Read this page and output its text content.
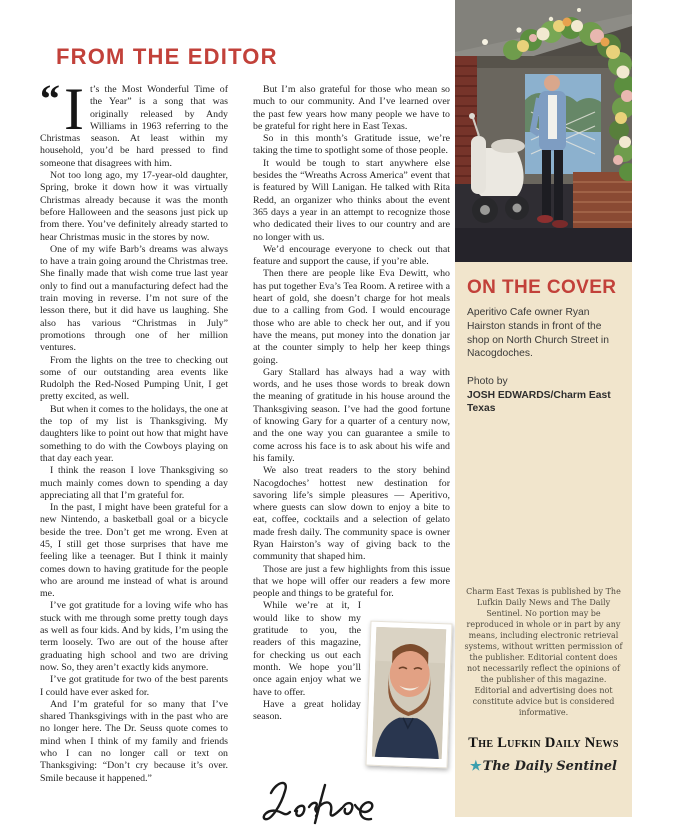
FROM THE EDITOR

“ I t’s the Most Wonderful Time of the Year” is a song that was originally released by Andy Williams in 1963 referring to the Christmas season. At least within my household, you’d be hard pressed to find someone that disagrees with him.

Not too long ago, my 17-year-old daughter, Spring, broke it down how it was virtually Christmas already because it was the month before Halloween and the seasons just pick up from there. You’ve definitely already started to hear Christmas music in the stores by now.

One of my wife Barb’s dreams was always to have a train going around the Christmas tree. She finally made that wish come true last year only to find out a manufacturing defect had the train moving in reverse. I’m not sure of the lesson there, but it did have us laughing. She also has various “Christmas in July” promotions through one of her million ventures.

From the lights on the tree to checking out some of our outstanding area events like Rudolph the Red-Nosed Pumping Unit, I get pretty excited, as well.

But when it comes to the holidays, the one at the top of my list is Thanksgiving. My daughters like to point out how that might have something to do with the Cowboys playing on that day each year.

I think the reason I love Thanksgiving so much mainly comes down to spending a day appreciating all that I’m grateful for.

In the past, I might have been grateful for a new Nintendo, a basketball goal or a bicycle beside the tree. Don’t get me wrong. Even at 45, I still get those surprises that have me feeling like a teenager. But I think it mainly comes down to having gratitude for the people who are around me instead of what is around me.

I’ve got gratitude for a loving wife who has stuck with me through some pretty tough days as well as four kids. And by kids, I’m using the term loosely. Two are out of the house after graduating high school and two are driving now. So, they aren’t exactly kids anymore.

I’ve got gratitude for two of the best parents I could have ever asked for.

And I’m grateful for so many that I’ve shared Thanksgivings with in the past who are no longer here. The Dr. Seuss quote comes to mind when I think of my family and friends who I can no longer call or text on Thanksgiving: “Don’t cry because it’s over. Smile because it happened.”

But I’m also grateful for those who mean so much to our community. And I’ve learned over the past few years how many people we have to be grateful for right here in East Texas.

So in this month’s Gratitude issue, we’re taking the time to spotlight some of those people.

It would be tough to start anywhere else besides the “Wreaths Across America” event that is featured by Will Lanigan. He talked with Rita Redd, an organizer who thinks about the event 365 days a year in an attempt to recognize those who dedicated their lives to our country and are no longer with us.

We’d encourage everyone to check out that feature and support the cause, if you’re able.

Then there are people like Eva Dewitt, who has put together Eva’s Tea Room. A retiree with a heart of gold, she doesn’t charge for hot meals due to a calling from God. I would encourage those who are able to check her out, and if you have the means, put money into the donation jar at the counter simply to help her keep things going.

Gary Stallard has always had a way with words, and he uses those words to break down the meaning of gratitude in his house around the Thanksgiving season. I’ve had the good fortune of knowing Gary for a quarter of a century now, and the one way you can guarantee a smile to come across his face is to ask about his wife and his family.

We also treat readers to the story behind Nacogdoches’ hottest new destination for savoring life’s simple pleasures — Aperitivo, where guests can slow down to enjoy a bite to eat, coffee, cocktails and a selection of gelato made fresh daily. The community space is owner Ryan Hairston’s way of giving back to the community that shaped him.

Those are just a few highlights from this issue that we hope will offer our readers a few more people and things to be grateful for.

While we’re at it, I would like to show my gratitude to you, the readers of this magazine, for checking us out each month. We hope you’ll once again enjoy what we have to offer.

Have a great holiday season.

ON THE COVER

Aperitivo Cafe owner Ryan Hairston stands in front of the shop on North Church Street in Nacogdoches.

Photo by

JOSH EDWARDS/Charm East Texas

Charm East Texas is published by The Lufkin Daily News and The Daily Sentinel. No portion may be reproduced in whole or in part by any means, including electronic retrieval systems, without written permission of the publisher. Editorial content does not necessarily reflect the opinions of the publisher of this magazine. Editorial and advertising does not constitute advice but is considered informative.

The Lufkin Daily News
★The Daily Sentinel
